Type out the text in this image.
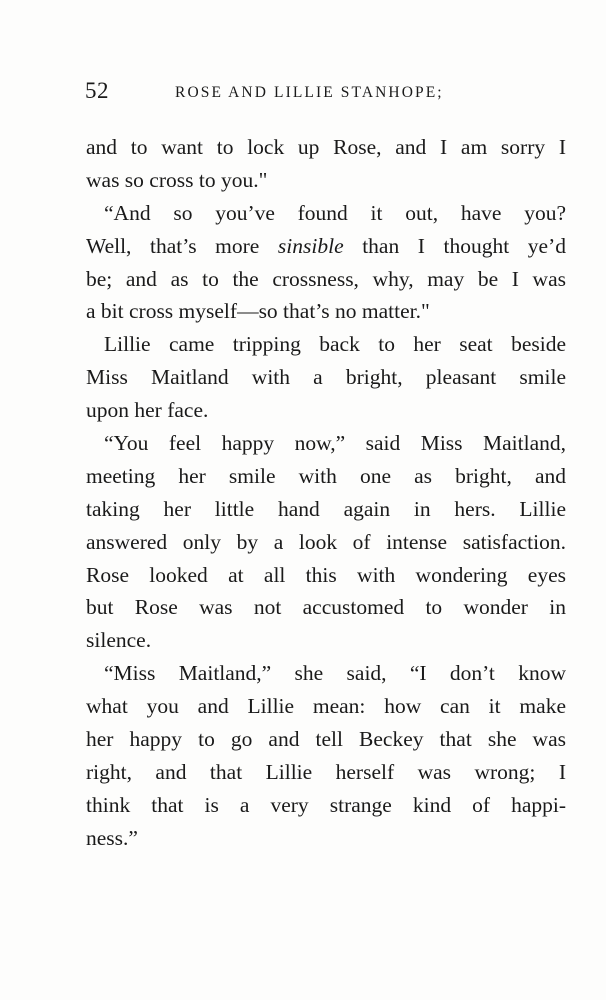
52	ROSE AND LILLIE STANHOPE;
and to want to lock up Rose, and I am sorry I
was so cross to you."
“And so you’ve found it out, have you?
Well, that’s more sinsible than I thought ye’d
be; and as to the crossness, why, may be I was
a bit cross myself—so that’s no matter."
Lillie came tripping back to her seat beside
Miss Maitland with a bright, pleasant smile
upon her face.
“You feel happy now,” said Miss Maitland,
meeting her smile with one as bright, and
taking her little hand again in hers. Lillie
answered only by a look of intense satisfaction.
Rose looked at all this with wondering eyes
but Rose was not accustomed to wonder in
silence.
“Miss Maitland,” she said, “I don’t know
what you and Lillie mean: how can it make
her happy to go and tell Beckey that she was
right, and that Lillie herself was wrong; I
think that is a very strange kind of happi-
ness.”
